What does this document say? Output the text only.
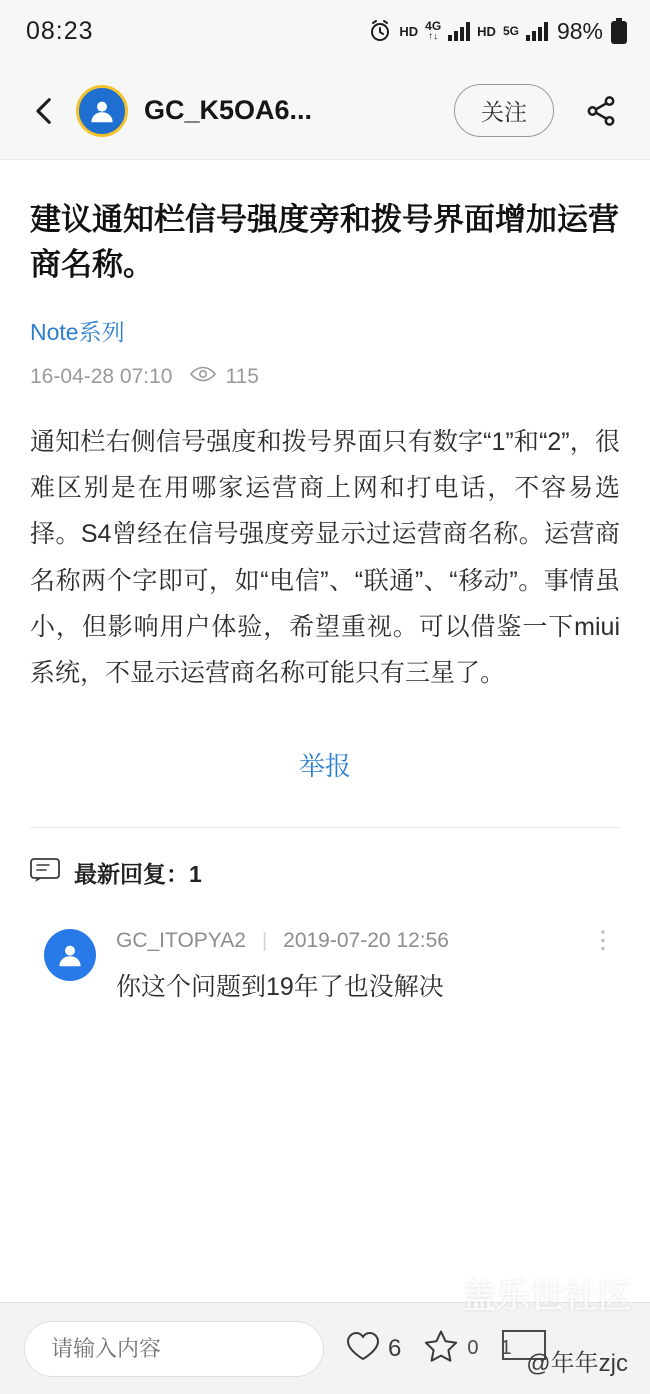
08:23	HD 4G
↑↓	HD 5G 98%
GC_K5OA6...	关注
建议通知栏信号强度旁和拨号界面增加运营商名称。
Note系列
16-04-28 07:10	115
通知栏右侧信号强度和拨号界面只有数字“1”和“2”，很难区别是在用哪家运营商上网和打电话，不容易选择。S4曾经在信号强度旁显示过运营商名称。运营商名称两个字即可，如“电信”、“联通”、“移动”。事情虽小，但影响用户体验，希望重视。可以借鉴一下miui系统，不显示运营商名称可能只有三星了。
举报
最新回复：1
GC_ITOPYA2 | 2019-07-20 12:56	⋮
你这个问题到19年了也没解决
盖乐世社区
@年年zjc
请输入内容
6	0 1
